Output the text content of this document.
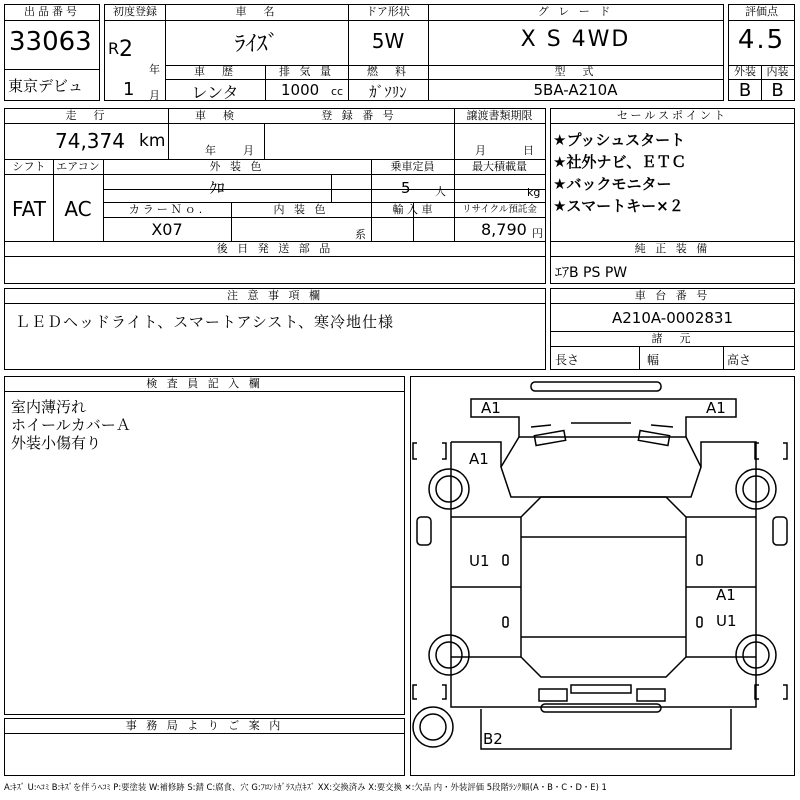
出品番号
33063
東京デビュ
初度登録
R 2
年
1 月
車　名
ﾗｲｽﾞ
ドア形状
5W
グ レ ー ド
X S 4WD
車　歴
レンタ
排 気 量
1000 cc
燃　料
ｶﾞｿﾘﾝ
型　式
5BA-A210A
評価点
4.5
外装 内装
B	B
走　行
74,374 km
車　検
年 月
登 録 番 号	譲渡書類期限
月	日
シフト
FAT
エアコン
AC
外 装 色
ｸﾛ
乗車定員
5 人
最大積載量
kg
カラーＮｏ.
X07
内 装 色
系
輸 入 車	リサイクル預託金
8,790 円
後 日 発 送 部 品
セールスポイント
★プッシュスタート
★社外ナビ、ＥＴＣ
★バックモニター
★スマートキー×２
純 正 装 備
ｴｱB PS PW
注 意 事 項 欄
ＬＥＤヘッドライト、スマートアシスト、寒冷地仕様
車 台 番 号
A210A-0002831
諸　元
長さ	幅	高さ
検 査 員 記 入 欄
室内薄汚れ
ホイールカバーＡ
外装小傷有り
事 務 局 よ り ご 案 内
A1	A1
A1
U1
A1
U1
B2
A:ｷｽﾞ U:ﾍｺﾐ B:ｷｽﾞを伴うﾍｺﾐ P:要塗装 W:補修跡 S:錆 C:腐食、穴 G:ﾌﾛﾝﾄｶﾞﾗｽ点ｷｽﾞ XX:交換済み X:要交換 ✕:欠品 内・外装評価 5段階ﾗﾝｸ順(A・B・C・D・E) 1
